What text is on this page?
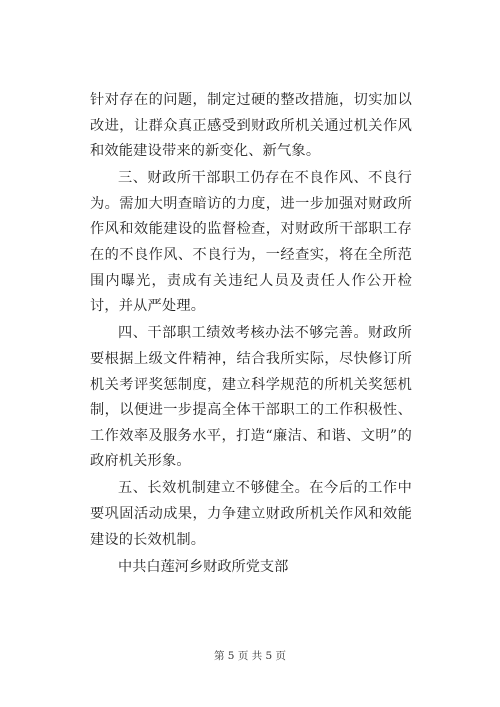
针对存在的问题，制定过硬的整改措施，切实加以改进，让群众真正感受到财政所机关通过机关作风和效能建设带来的新变化、新气象。

三、财政所干部职工仍存在不良作风、不良行为。需加大明查暗访的力度，进一步加强对财政所作风和效能建设的监督检查，对财政所干部职工存在的不良作风、不良行为，一经查实，将在全所范围内曝光，责成有关违纪人员及责任人作公开检讨，并从严处理。

四、干部职工绩效考核办法不够完善。财政所要根据上级文件精神，结合我所实际，尽快修订所机关考评奖惩制度，建立科学规范的所机关奖惩机制，以便进一步提高全体干部职工的工作积极性、工作效率及服务水平，打造“廉洁、和谐、文明”的政府机关形象。

五、长效机制建立不够健全。在今后的工作中要巩固活动成果，力争建立财政所机关作风和效能建设的长效机制。

中共白莲河乡财政所党支部

第 5 页 共 5 页
